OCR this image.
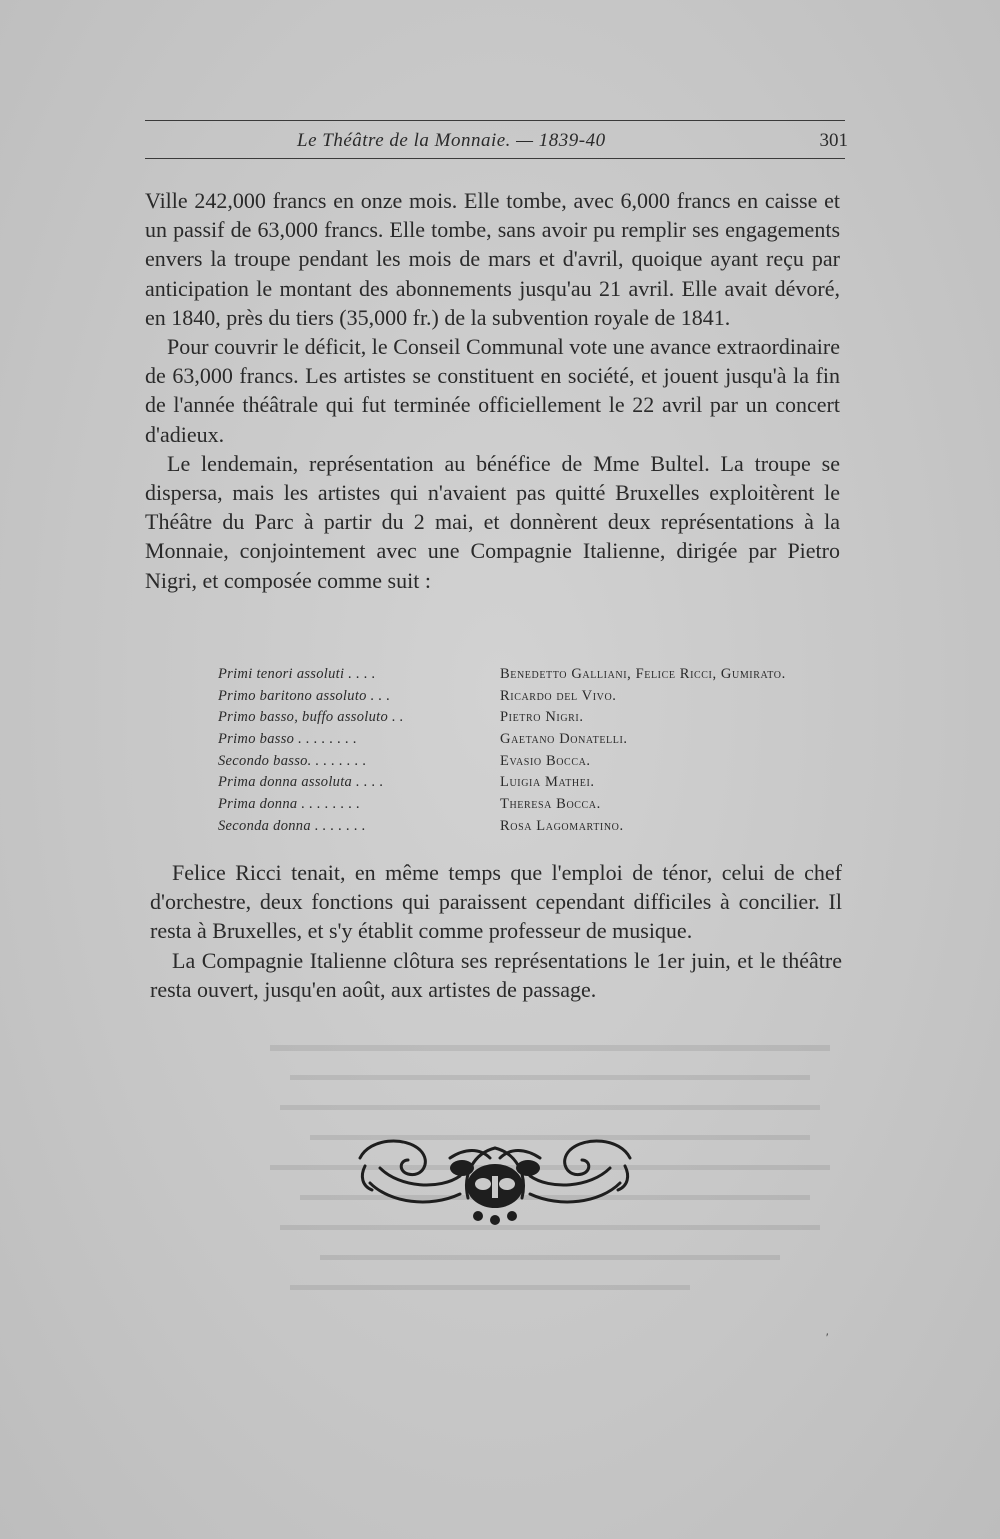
Le Théâtre de la Monnaie. — 1839-40	301

Ville 242,000 francs en onze mois. Elle tombe, avec 6,000 francs en caisse et un passif de 63,000 francs. Elle tombe, sans avoir pu remplir ses engagements envers la troupe pendant les mois de mars et d'avril, quoique ayant reçu par anticipation le montant des abonnements jusqu'au 21 avril. Elle avait dévoré, en 1840, près du tiers (35,000 fr.) de la subvention royale de 1841.

Pour couvrir le déficit, le Conseil Communal vote une avance extraordinaire de 63,000 francs. Les artistes se constituent en société, et jouent jusqu'à la fin de l'année théâtrale qui fut terminée officiellement le 22 avril par un concert d'adieux.

Le lendemain, représentation au bénéfice de Mme Bultel. La troupe se dispersa, mais les artistes qui n'avaient pas quitté Bruxelles exploitèrent le Théâtre du Parc à partir du 2 mai, et donnèrent deux représentations à la Monnaie, conjointement avec une Compagnie Italienne, dirigée par Pietro Nigri, et composée comme suit :

Primi tenori assoluti . . . .	Benedetto Galliani, Felice Ricci, Gumirato.
Primo baritono assoluto . . .	Ricardo del Vivo.
Primo basso, buffo assoluto . .	Pietro Nigri.
Primo basso . . . . . . . .	Gaetano Donatelli.
Secondo basso. . . . . . . .	Evasio Bocca.
Prima donna assoluta . . . .	Luigia Mathei.
Prima donna . . . . . . . .	Theresa Bocca.
Seconda donna . . . . . . .	Rosa Lagomartino.

Felice Ricci tenait, en même temps que l'emploi de ténor, celui de chef d'orchestre, deux fonctions qui paraissent cependant difficiles à concilier. Il resta à Bruxelles, et s'y établit comme professeur de musique.

La Compagnie Italienne clôtura ses représentations le 1er juin, et le théâtre resta ouvert, jusqu'en août, aux artistes de passage.

′
